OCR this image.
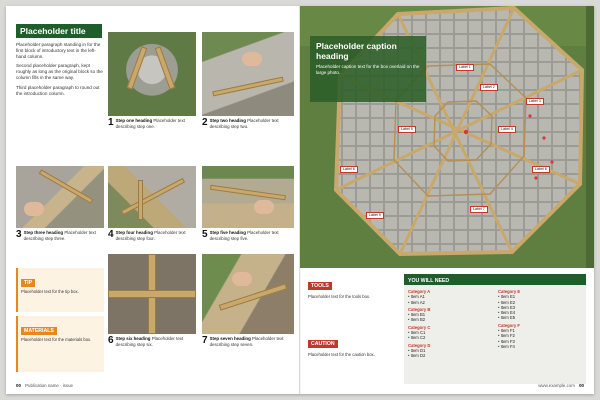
Placeholder title

Placeholder paragraph standing in for the first block of introductory text in the left-hand column.

Second placeholder paragraph, kept roughly as long as the original block so the column fills in the same way.

Third placeholder paragraph to round out the introduction column.

1 Step one heading Placeholder text describing step one.	2 Step two heading Placeholder text describing step two.
3 Step three heading Placeholder text describing step three.	4 Step four heading Placeholder text describing step four.	5 Step five heading Placeholder text describing step five.
6 Step six heading Placeholder text describing step six.	7 Step seven heading Placeholder text describing step seven.
TIP
Placeholder text for the tip box.
MATERIALS
Placeholder text for the materials box.
00 Publication name · issue
Placeholder caption heading
Placeholder caption text for the box overlaid on the large photo.
Label 1
Label 2
Label 3
Label 4
Label 5
Label 6
Label 7
Label 8
Label 9
TOOLS
Placeholder text for the tools box.
CAUTION
Placeholder text for the caution box.
YOU WILL NEED
Category A
• Item A1
• Item A2
Category B
• Item B1
• Item B2
Category C
• Item C1
• Item C2
Category D
• Item D1
• Item D2
Category E
• Item E1
• Item E2
• Item E3
• Item E4
• Item E5
Category F
• Item F1
• Item F2
• Item F3
• Item F4
www.example.com 00
